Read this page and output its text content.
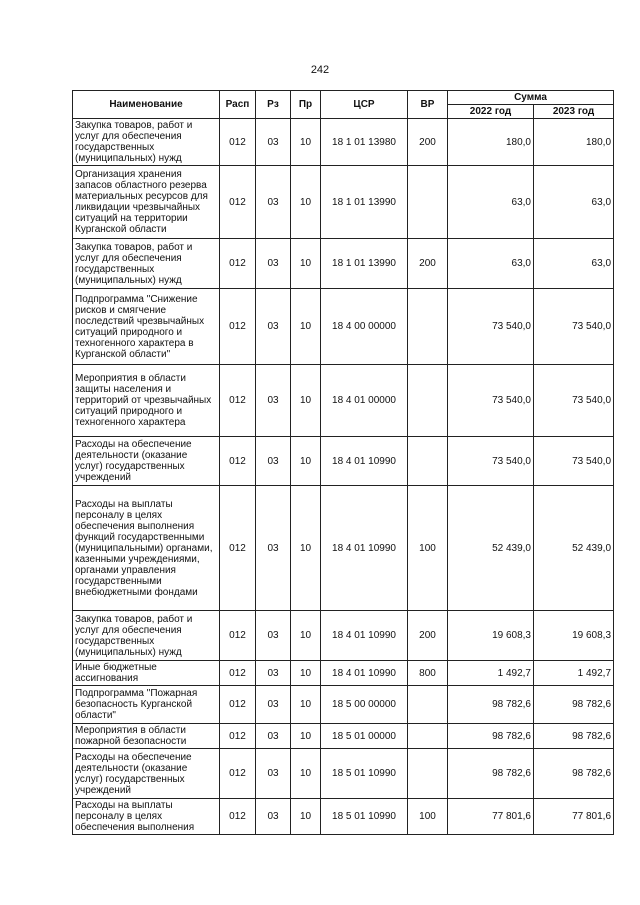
242
Наименование	Расп	Рз	Пр	ЦСР	ВР	Сумма	
						2022 год	2023 год
Закупка товаров, работ и услуг для обеспечения государственных (муниципальных) нужд	012	03	10	18 1 01 13980	200	180,0	180,0
Организация хранения запасов областного резерва материальных ресурсов для ликвидации чрезвычайных ситуаций на территории Курганской области	012	03	10	18 1 01 13990		63,0	63,0
Закупка товаров, работ и услуг для обеспечения государственных (муниципальных) нужд	012	03	10	18 1 01 13990	200	63,0	63,0
Подпрограмма "Снижение рисков и смягчение последствий чрезвычайных ситуаций природного и техногенного характера в Курганской области"	012	03	10	18 4 00 00000		73 540,0	73 540,0
Мероприятия в области защиты населения и территорий от чрезвычайных ситуаций природного и техногенного характера	012	03	10	18 4 01 00000		73 540,0	73 540,0
Расходы на обеспечение деятельности (оказание услуг) государственных учреждений	012	03	10	18 4 01 10990		73 540,0	73 540,0
Расходы на выплаты персоналу в целях обеспечения выполнения функций государственными (муниципальными) органами, казенными учреждениями, органами управления государственными внебюджетными фондами	012	03	10	18 4 01 10990	100	52 439,0	52 439,0
Закупка товаров, работ и услуг для обеспечения государственных (муниципальных) нужд	012	03	10	18 4 01 10990	200	19 608,3	19 608,3
Иные бюджетные ассигнования	012	03	10	18 4 01 10990	800	1 492,7	1 492,7
Подпрограмма "Пожарная безопасность Курганской области"	012	03	10	18 5 00 00000		98 782,6	98 782,6
Мероприятия в области пожарной безопасности	012	03	10	18 5 01 00000		98 782,6	98 782,6
Расходы на обеспечение деятельности (оказание услуг) государственных учреждений	012	03	10	18 5 01 10990		98 782,6	98 782,6
Расходы на выплаты персоналу в целях обеспечения выполнения	012	03	10	18 5 01 10990	100	77 801,6	77 801,6
